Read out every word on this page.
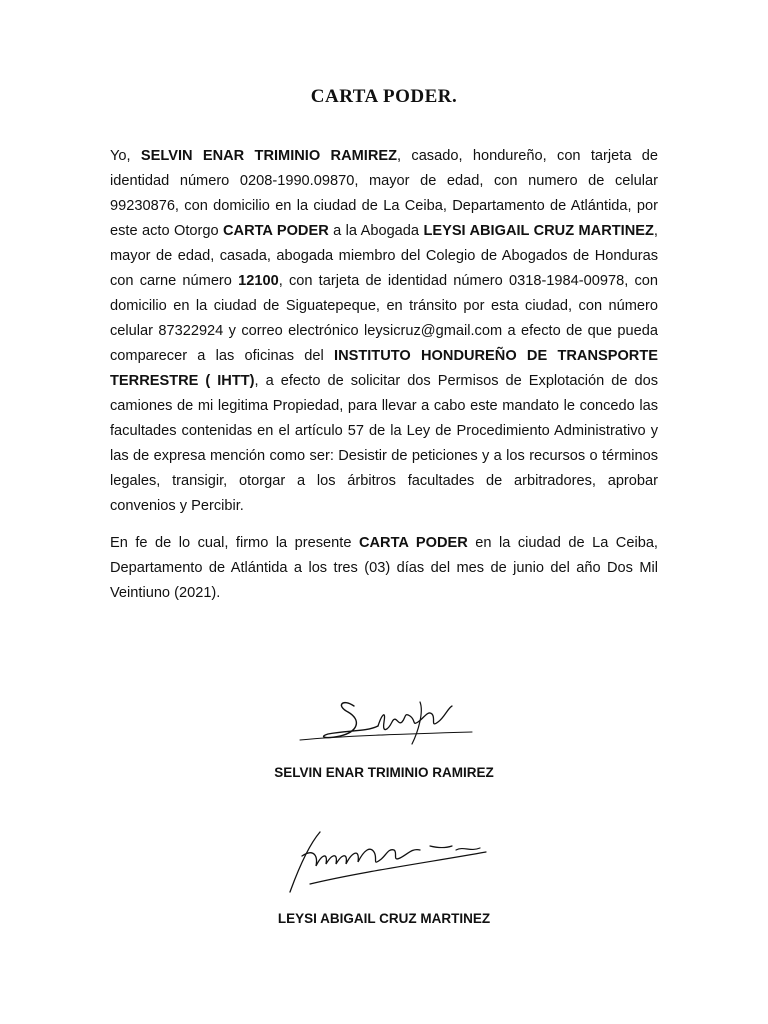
CARTA PODER.

Yo, SELVIN ENAR TRIMINIO RAMIREZ, casado, hondureño, con tarjeta de identidad número 0208-1990.09870, mayor de edad, con numero de celular 99230876, con domicilio en la ciudad de La Ceiba, Departamento de Atlántida, por este acto Otorgo CARTA PODER a la Abogada LEYSI ABIGAIL CRUZ MARTINEZ, mayor de edad, casada, abogada miembro del Colegio de Abogados de Honduras con carne número 12100, con tarjeta de identidad número 0318-1984-00978, con domicilio en la ciudad de Siguatepeque, en tránsito por esta ciudad, con número celular 87322924 y correo electrónico leysicruz@gmail.com a efecto de que pueda comparecer a las oficinas del INSTITUTO HONDUREÑO DE TRANSPORTE TERRESTRE ( IHTT), a efecto de solicitar dos Permisos de Explotación de dos camiones de mi legitima Propiedad, para llevar a cabo este mandato le concedo las facultades contenidas en el artículo 57 de la Ley de Procedimiento Administrativo y las de expresa mención como ser: Desistir de peticiones y a los recursos o términos legales, transigir, otorgar a los árbitros facultades de arbitradores, aprobar convenios y Percibir.

En fe de lo cual, firmo la presente CARTA PODER en la ciudad de La Ceiba, Departamento de Atlántida a los tres (03) días del mes de junio del año Dos Mil Veintiuno (2021).

SELVIN ENAR TRIMINIO RAMIREZ
LEYSI ABIGAIL CRUZ MARTINEZ
